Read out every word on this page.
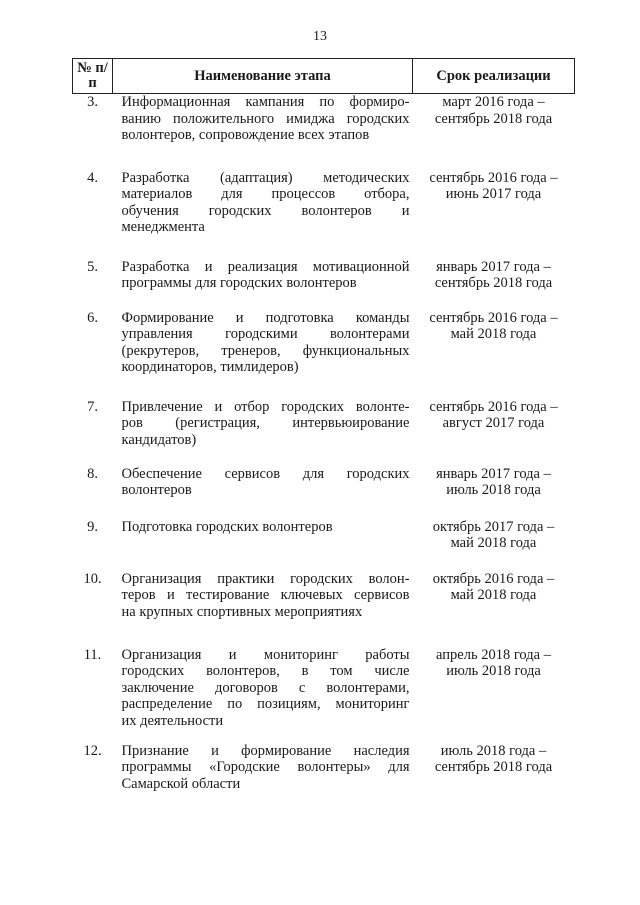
13
№ п/п	Наименование этапа	Срок реализации
3.	Информационная кампания по формиро-
ванию положительного имиджа городских
волонтеров, сопровождение всех этапов	март 2016 года –
сентябрь 2018 года

4.	Разработка (адаптация) методических
материалов для процессов отбора,
обучения городских волонтеров и
менеджмента	сентябрь 2016 года –
июнь 2017 года

5.	Разработка и реализация мотивационной
программы для городских волонтеров	январь 2017 года –
сентябрь 2018 года

6.	Формирование и подготовка команды
управления городскими волонтерами
(рекрутеров, тренеров, функциональных
координаторов, тимлидеров)	сентябрь 2016 года –
май 2018 года

7.	Привлечение и отбор городских волонте-
ров (регистрация, интервьюирование
кандидатов)	сентябрь 2016 года –
август 2017 года

8.	Обеспечение сервисов для городских
волонтеров	январь 2017 года –
июль 2018 года

9.	Подготовка городских волонтеров	октябрь 2017 года –
май 2018 года

10.	Организация практики городских волон-
теров и тестирование ключевых сервисов
на крупных спортивных мероприятиях	октябрь 2016 года –
май 2018 года

11.	Организация и мониторинг работы
городских волонтеров, в том числе
заключение договоров с волонтерами,
распределение по позициям, мониторинг
их деятельности	апрель 2018 года –
июль 2018 года

12.	Признание и формирование наследия
программы «Городские волонтеры» для
Самарской области	июль 2018 года –
сентябрь 2018 года
